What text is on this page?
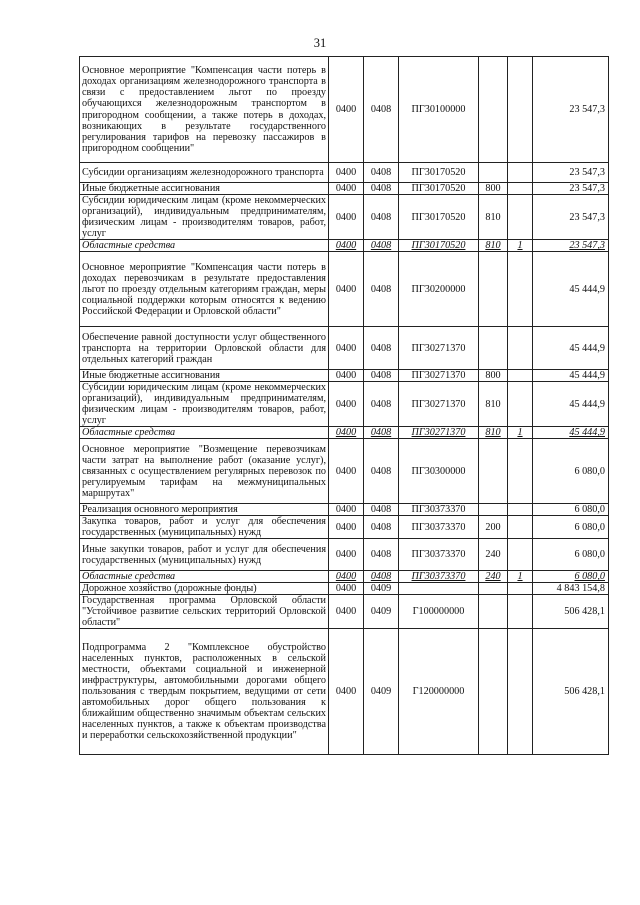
31
Основное мероприятие "Компенсация части потерь в доходах организациям железнодорожного транспорта в связи с предоставлением льгот по проезду обучающихся железнодорожным транспортом в пригородном сообщении, а также потерь в доходах, возникающих в результате государственного регулирования тарифов на перевозку пассажиров в пригородном сообщении"	0400	0408	ПГ30100000			23 547,3
Субсидии организациям железнодорожного транспорта	0400	0408	ПГ30170520			23 547,3
Иные бюджетные ассигнования	0400	0408	ПГ30170520	800		23 547,3
Субсидии юридическим лицам (кроме некоммерческих организаций), индивидуальным предпринимателям, физическим лицам - производителям товаров, работ, услуг	0400	0408	ПГ30170520	810		23 547,3
Областные средства	0400	0408	ПГ30170520	810	1	23 547,3
Основное мероприятие "Компенсация части потерь в доходах перевозчикам в результате предоставления льгот по проезду отдельным категориям граждан, меры социальной поддержки которым относятся к ведению Российской Федерации и Орловской области"	0400	0408	ПГ30200000			45 444,9
Обеспечение равной доступности услуг общественного транспорта на территории Орловской области для отдельных категорий граждан	0400	0408	ПГ30271370			45 444,9
Иные бюджетные ассигнования	0400	0408	ПГ30271370	800		45 444,9
Субсидии юридическим лицам (кроме некоммерческих организаций), индивидуальным предпринимателям, физическим лицам - производителям товаров, работ, услуг	0400	0408	ПГ30271370	810		45 444,9
Областные средства	0400	0408	ПГ30271370	810	1	45 444,9
Основное мероприятие "Возмещение перевозчикам части затрат на выполнение работ (оказание услуг), связанных с осуществлением регулярных перевозок по регулируемым тарифам на межмуниципальных маршрутах"	0400	0408	ПГ30300000			6 080,0
Реализация основного мероприятия	0400	0408	ПГ30373370			6 080,0
Закупка товаров, работ и услуг для обеспечения государственных (муниципальных) нужд	0400	0408	ПГ30373370	200		6 080,0
Иные закупки товаров, работ и услуг для обеспечения государственных (муниципальных) нужд	0400	0408	ПГ30373370	240		6 080,0
Областные средства	0400	0408	ПГ30373370	240	1	6 080,0
Дорожное хозяйство (дорожные фонды)	0400	0409				4 843 154,8
Государственная программа Орловской области "Устойчивое развитие сельских территорий Орловской области"	0400	0409	Г100000000			506 428,1
Подпрограмма 2 "Комплексное обустройство населенных пунктов, расположенных в сельской местности, объектами социальной и инженерной инфраструктуры, автомобильными дорогами общего пользования с твердым покрытием, ведущими от сети автомобильных дорог общего пользования к ближайшим общественно значимым объектам сельских населенных пунктов, а также к объектам производства и переработки сельскохозяйственной продукции"	0400	0409	Г120000000			506 428,1
